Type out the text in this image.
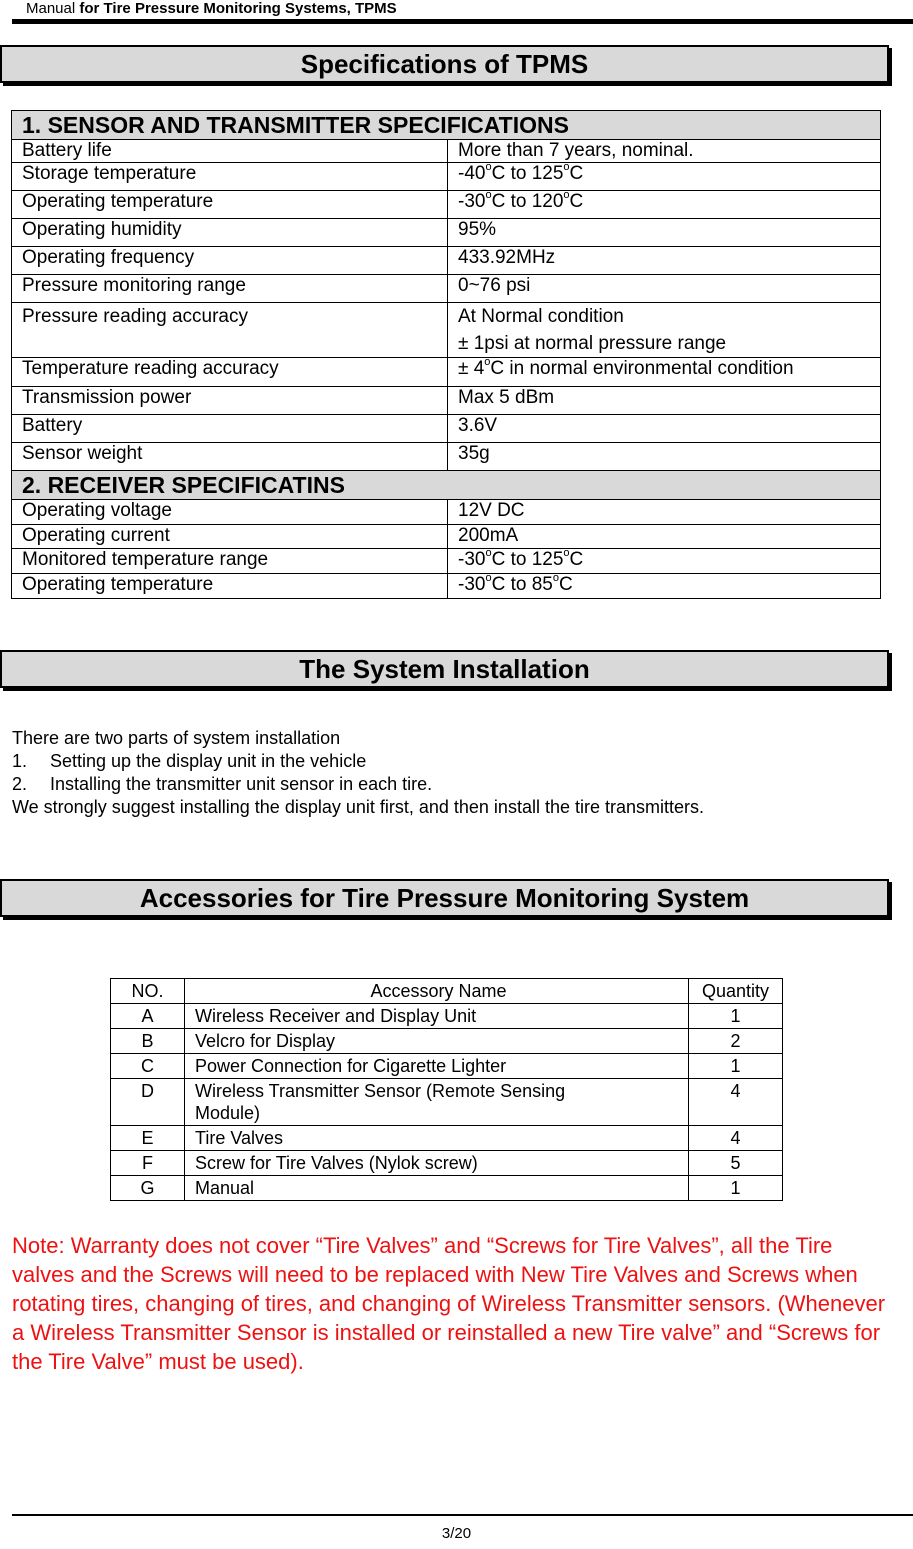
Manual for Tire Pressure Monitoring Systems, TPMS
Specifications of TPMS
1. SENSOR AND TRANSMITTER SPECIFICATIONS	
Battery life	More than 7 years, nominal.
Storage temperature	-40$^o$C to 125$^o$C
Operating temperature	-30$^o$C to 120$^o$C
Operating humidity	95%
Operating frequency	433.92MHz
Pressure monitoring range	0~76 psi
Pressure reading accuracy	At Normal condition
± 1psi at normal pressure range

Temperature reading accuracy	± $4^oC$ in normal environmental condition
Transmission power	Max 5 dBm
Battery	3.6V
Sensor weight	35g
2. RECEIVER SPECIFICATINS	
Operating voltage	12V DC
Operating current	200mA
Monitored temperature range	-30$^o$C to 125$^o$C
Operating temperature	-30$^o$C to 85$^o$C
The System Installation
There are two parts of system installation
1. Setting up the display unit in the vehicle
2. Installing the transmitter unit sensor in each tire.
We strongly suggest installing the display unit first, and then install the tire transmitters.
Accessories for Tire Pressure Monitoring System
NO.	Accessory Name	Quantity
A	Wireless Receiver and Display Unit	1
B	Velcro for Display	2
C	Power Connection for Cigarette Lighter	1
D	Wireless Transmitter Sensor (Remote Sensing Module)	4
E	Tire Valves	4
F	Screw for Tire Valves (Nylok screw)	5
G	Manual	1
Note: Warranty does not cover “Tire Valves” and “Screws for Tire Valves”, all the Tire valves and the Screws will need to be replaced with New Tire Valves and Screws when rotating tires, changing of tires, and changing of Wireless Transmitter sensors. (Whenever a Wireless Transmitter Sensor is installed or reinstalled a new Tire valve” and “Screws for the Tire Valve” must be used).
3/20
